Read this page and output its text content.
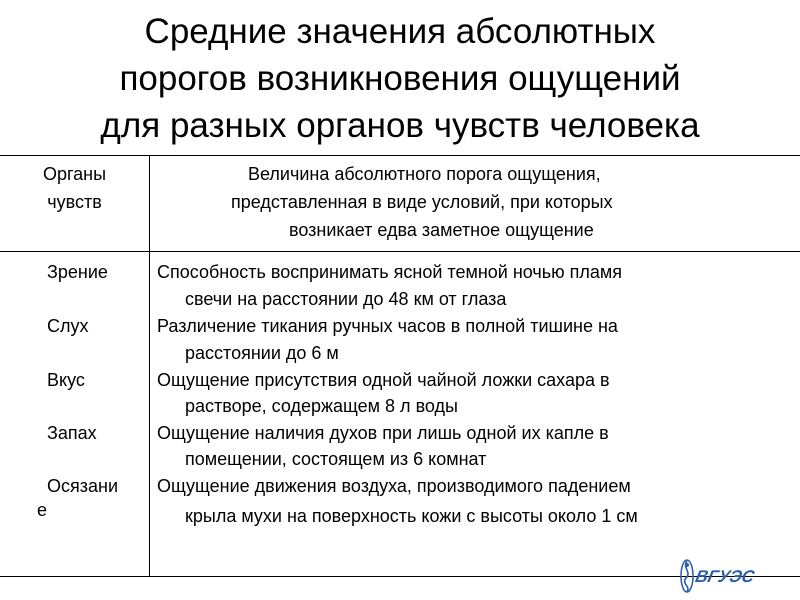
Средние значения абсолютных
порогов возникновения ощущений
для разных органов чувств человека
Органы
чувств
Величина абсолютного порога ощущения,
представленная в виде условий, при которых
возникает едва заметное ощущение
Зрение
Слух
Вкус
Запах
Осязани
е
Способность воспринимать ясной темной ночью пламя
свечи на расстоянии до 48 км от глаза
Различение тикания ручных часов в полной тишине на
расстоянии до 6 м
Ощущение присутствия одной чайной ложки сахара в
растворе, содержащем 8 л воды
Ощущение наличия духов при лишь одной их капле в
помещении, состоящем из 6 комнат
Ощущение движения воздуха, производимого падением
крыла мухи на поверхность кожи с высоты около 1 см
ВГУЭС
